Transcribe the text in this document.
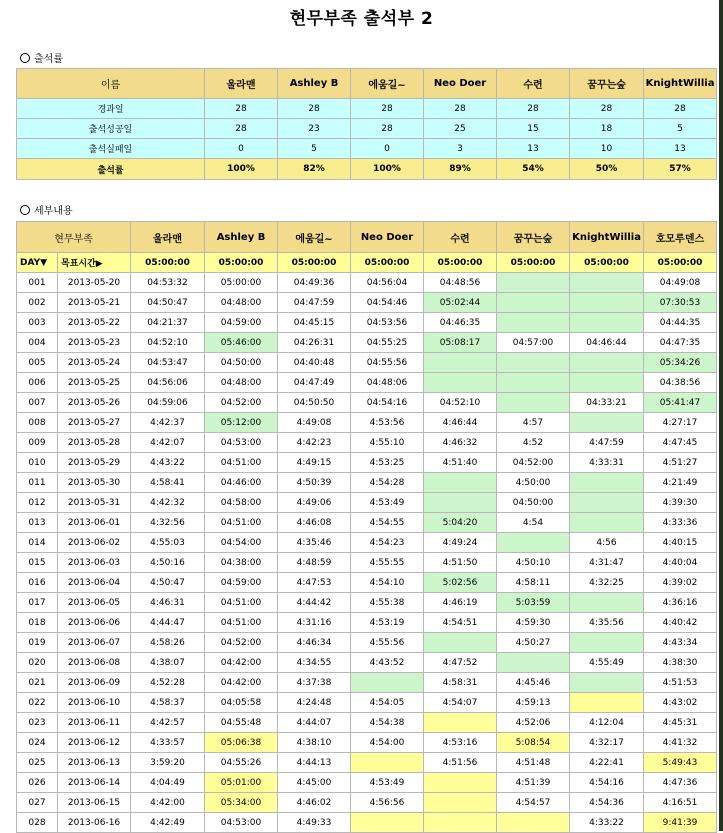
현무부족 출석부 2
출석률
이름	울라맨	Ashley B	에움길~	Neo Doer	수련	꿈꾸는숲	KnightWillia	
경과일	28	28	28	28	28	28	28	
출석성공일	28	23	28	25	15	18	5	
출석실패일	0	5	0	3	13	10	13	
출석률	100%	82%	100%	89%	54%	50%	57%	
세부내용
현무부족		울라맨	Ashley B	에움길~	Neo Doer	수련	꿈꾸는숲	KnightWillia	호모루덴스
DAY▼	목표시간▶	05:00:00	05:00:00	05:00:00	05:00:00	05:00:00	05:00:00	05:00:00	05:00:00
001	2013-05-20	04:53:32	05:00:00	04:49:36	04:56:04	04:48:56			04:49:08
002	2013-05-21	04:50:47	04:48:00	04:47:59	04:54:46	05:02:44			07:30:53
003	2013-05-22	04:21:37	04:59:00	04:45:15	04:53:56	04:46:35			04:44:35
004	2013-05-23	04:52:10	05:46:00	04:26:31	04:55:25	05:08:17	04:57:00	04:46:44	04:47:35
005	2013-05-24	04:53:47	04:50:00	04:40:48	04:55:56				05:34:26
006	2013-05-25	04:56:06	04:48:00	04:47:49	04:48:06				04:38:56
007	2013-05-26	04:59:06	04:52:00	04:50:50	04:54:16	04:52:10		04:33:21	05:41:47
008	2013-05-27	4:42:37	05:12:00	4:49:08	4:53:56	4:46:44	4:57		4:27:17
009	2013-05-28	4:42:07	04:53:00	4:42:23	4:55:10	4:46:32	4:52	4:47:59	4:47:45
010	2013-05-29	4:43:22	04:51:00	4:49:15	4:53:25	4:51:40	04:52:00	4:33:31	4:51:27
011	2013-05-30	4:58:41	04:46:00	4:50:39	4:54:28		4:50:00		4:21:49
012	2013-05-31	4:42:32	04:58:00	4:49:06	4:53:49		04:50:00		4:39:30
013	2013-06-01	4:32:56	04:51:00	4:46:08	4:54:55	5:04:20	4:54		4:33:36
014	2013-06-02	4:55:03	04:54:00	4:35:46	4:54:23	4:49:24		4:56	4:40:15
015	2013-06-03	4:50:16	04:38:00	4:48:59	4:55:55	4:51:50	4:50:10	4:31:47	4:40:04
016	2013-06-04	4:50:47	04:59:00	4:47:53	4:54:10	5:02:56	4:58:11	4:32:25	4:39:02
017	2013-06-05	4:46:31	04:51:00	4:44:42	4:55:38	4:46:19	5:03:59		4:36:16
018	2013-06-06	4:44:47	04:51:00	4:31:16	4:53:19	4:54:51	4:59:30	4:35:56	4:40:42
019	2013-06-07	4:58:26	04:52:00	4:46:34	4:55:56		4:50:27		4:43:34
020	2013-06-08	4:38:07	04:42:00	4:34:55	4:43:52	4:47:52		4:55:49	4:38:30
021	2013-06-09	4:52:28	04:42:00	4:37:38		4:58:31	4:45:46		4:51:53
022	2013-06-10	4:58:37	04:05:58	4:24:48	4:54:05	4:54:07	4:59:13		4:43:02
023	2013-06-11	4:42:57	04:55:48	4:44:07	4:54:38		4:52:06	4:12:04	4:45:31
024	2013-06-12	4:33:57	05:06:38	4:38:10	4:54:00	4:53:16	5:08:54	4:32:17	4:41:32
025	2013-06-13	3:59:20	04:55:26	4:44:13		4:51:56	4:51:48	4:22:41	5:49:43
026	2013-06-14	4:04:49	05:01:00	4:45:00	4:53:49		4:51:39	4:54:16	4:47:36
027	2013-06-15	4:42:00	05:34:00	4:46:02	4:56:56		4:54:57	4:54:36	4:16:51
028	2013-06-16	4:42:49	04:53:00	4:49:33				4:33:22	9:41:39
